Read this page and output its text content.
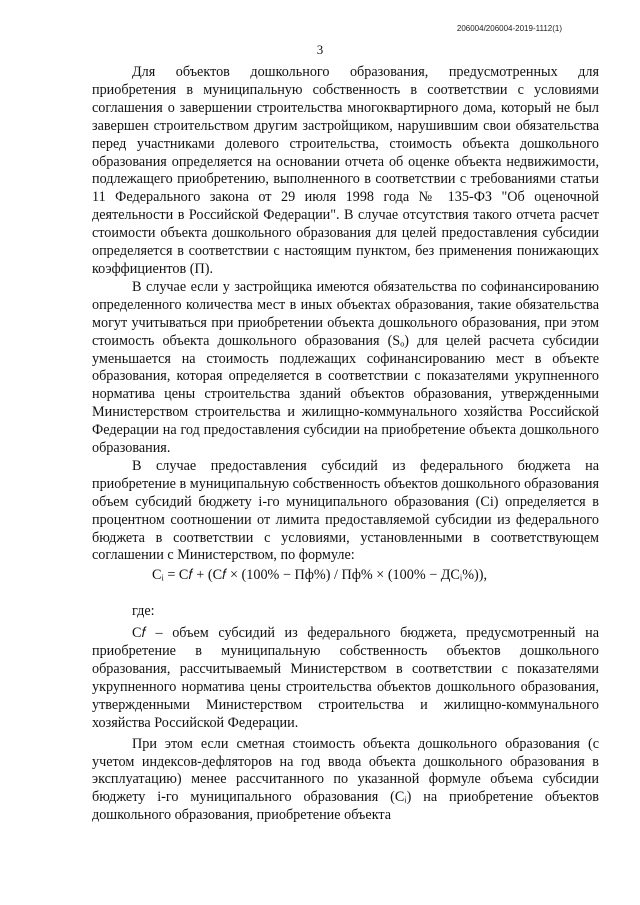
206004/206004-2019-1112(1)
3

Для объектов дошкольного образования, предусмотренных для приобретения в муниципальную собственность в соответствии с условиями соглашения о завершении строительства многоквартирного дома, который не был завершен строительством другим застройщиком, нарушившим свои обязательства перед участниками долевого строительства, стоимость объекта дошкольного образования определяется на основании отчета об оценке объекта недвижимости, подлежащего приобретению, выполненного в соответствии с требованиями статьи 11 Федерального закона от 29 июля 1998 года № 135-ФЗ "Об оценочной деятельности в Российской Федерации". В случае отсутствия такого отчета расчет стоимости объекта дошкольного образования для целей предоставления субсидии определяется в соответствии с настоящим пунктом, без применения понижающих коэффициентов (П).

В случае если у застройщика имеются обязательства по софинансированию определенного количества мест в иных объектах образования, такие обязательства могут учитываться при приобретении объекта дошкольного образования, при этом стоимость объекта дошкольного образования (Sₒ) для целей расчета субсидии уменьшается на стоимость подлежащих софинансированию мест в объекте образования, которая определяется в соответствии с показателями укрупненного норматива цены строительства зданий объектов образования, утвержденными Министерством строительства и жилищно-коммунального хозяйства Российской Федерации на год предоставления субсидии на приобретение объекта дошкольного образования.

В случае предоставления субсидий из федерального бюджета на приобретение в муниципальную собственность объектов дошкольного образования объем субсидий бюджету i-го муниципального образования (Ci) определяется в процентном соотношении от лимита предоставляемой субсидии из федерального бюджета в соответствии с условиями, установленными в соответствующем соглашении с Министерством, по формуле:

Cᵢ = C𝑓 + (C𝑓 × (100% − Пф%) / Пф% × (100% − ДСᵢ%)),

где:

C𝑓 – объем субсидий из федерального бюджета, предусмотренный на приобретение в муниципальную собственность объектов дошкольного образования, рассчитываемый Министерством в соответствии с показателями укрупненного норматива цены строительства объектов дошкольного образования, утвержденными Министерством строительства и жилищно-коммунального хозяйства Российской Федерации.

При этом если сметная стоимость объекта дошкольного образования (с учетом индексов-дефляторов на год ввода объекта дошкольного образования в эксплуатацию) менее рассчитанного по указанной формуле объема субсидии бюджету i-го муниципального образования (Cᵢ) на приобретение объектов дошкольного образования, приобретение объекта
